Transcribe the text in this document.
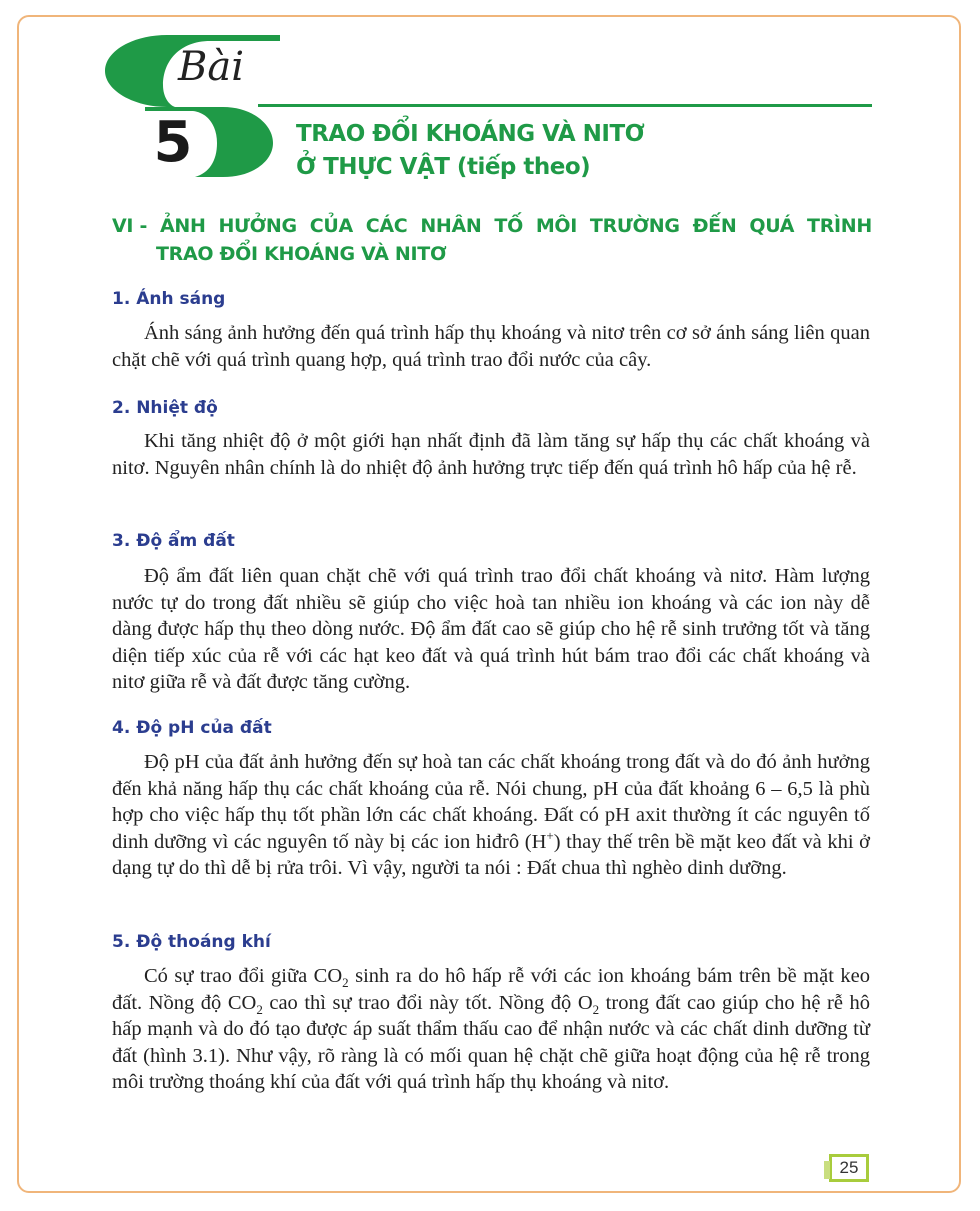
Bài
5	TRAO ĐỔI KHOÁNG VÀ NITƠ
Ở THỰC VẬT (tiếp theo)
VI - ẢNH HƯỞNG CỦA CÁC NHÂN TỐ MÔI TRƯỜNG ĐẾN QUÁ TRÌNH
TRAO ĐỔI KHOÁNG VÀ NITƠ
1. Ánh sáng
Ánh sáng ảnh hưởng đến quá trình hấp thụ khoáng và nitơ trên cơ sở ánh sáng liên quan chặt chẽ với quá trình quang hợp, quá trình trao đổi nước của cây.
2. Nhiệt độ
Khi tăng nhiệt độ ở một giới hạn nhất định đã làm tăng sự hấp thụ các chất khoáng và nitơ. Nguyên nhân chính là do nhiệt độ ảnh hưởng trực tiếp đến quá trình hô hấp của hệ rễ.
3. Độ ẩm đất
Độ ẩm đất liên quan chặt chẽ với quá trình trao đổi chất khoáng và nitơ. Hàm lượng nước tự do trong đất nhiều sẽ giúp cho việc hoà tan nhiều ion khoáng và các ion này dễ dàng được hấp thụ theo dòng nước. Độ ẩm đất cao sẽ giúp cho hệ rễ sinh trưởng tốt và tăng diện tiếp xúc của rễ với các hạt keo đất và quá trình hút bám trao đổi các chất khoáng và nitơ giữa rễ và đất được tăng cường.
4. Độ pH của đất
Độ pH của đất ảnh hưởng đến sự hoà tan các chất khoáng trong đất và do đó ảnh hưởng đến khả năng hấp thụ các chất khoáng của rễ. Nói chung, pH của đất khoảng 6 – 6,5 là phù hợp cho việc hấp thụ tốt phần lớn các chất khoáng. Đất có pH axit thường ít các nguyên tố dinh dưỡng vì các nguyên tố này bị các ion hiđrô (H+) thay thế trên bề mặt keo đất và khi ở dạng tự do thì dễ bị rửa trôi. Vì vậy, người ta nói : Đất chua thì nghèo dinh dưỡng.
5. Độ thoáng khí
Có sự trao đổi giữa $CO_2$ sinh ra do hô hấp rễ với các ion khoáng bám trên bề mặt keo đất. Nồng độ $CO_2$ cao thì sự trao đổi này tốt. Nồng độ $O_2$ trong đất cao giúp cho hệ rễ hô hấp mạnh và do đó tạo được áp suất thẩm thấu cao để nhận nước và các chất dinh dưỡng từ đất (hình 3.1). Như vậy, rõ ràng là có mối quan hệ chặt chẽ giữa hoạt động của hệ rễ trong môi trường thoáng khí của đất với quá trình hấp thụ khoáng và nitơ.
25
